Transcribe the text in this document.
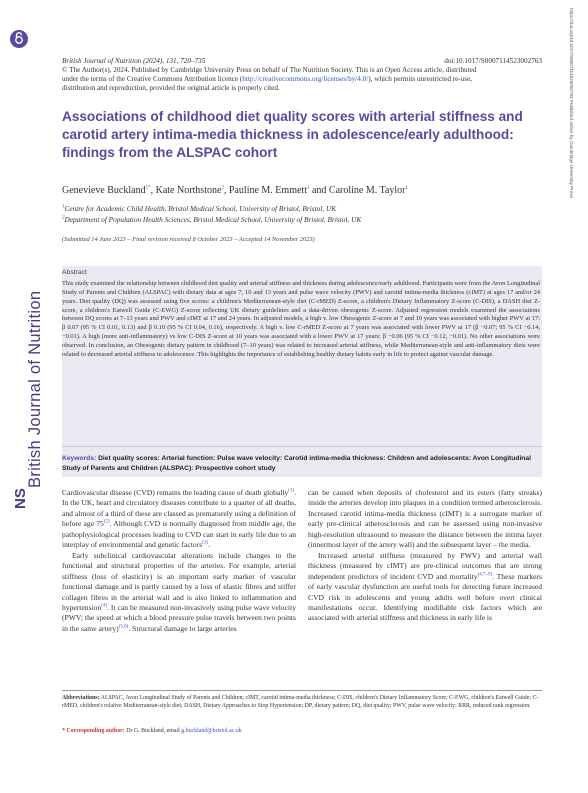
British Journal of Nutrition
NS
https://doi.org/10.1017/S0007114523002763 Published online by Cambridge University Press
British Journal of Nutrition (2024), 131, 720–735	doi:10.1017/S0007114523002763
© The Author(s), 2024. Published by Cambridge University Press on behalf of The Nutrition Society. This is an Open Access article, distributed
under the terms of the Creative Commons Attribution licence (http://creativecommons.org/licenses/by/4.0/), which permits unrestricted re-use,
distribution and reproduction, provided the original article is properly cited.
Associations of childhood diet quality scores with arterial stiffness and carotid artery intima-media thickness in adolescence/early adulthood: findings from the ALSPAC cohort
Genevieve Buckland$^{1*}$, Kate Northstone$^2$, Pauline M. Emmett$^1$ and Caroline M. Taylor$^1$
$^1$Centre for Academic Child Health, Bristol Medical School, University of Bristol, Bristol, UK
$^2$Department of Population Health Sciences, Bristol Medical School, University of Bristol, Bristol, UK
(Submitted 14 June 2023 – Final revision received 8 October 2023 – Accepted 14 November 2023)
Abstract
This study examined the relationship between childhood diet quality and arterial stiffness and thickness during adolescence/early adulthood. Participants were from the Avon Longitudinal Study of Parents and Children (ALSPAC) with dietary data at ages 7, 10 and 13 years and pulse wave velocity (PWV) and carotid intima-media thickness (cIMT) at ages 17 and/or 24 years. Diet quality (DQ) was assessed using five scores: a children's Mediterranean-style diet (C-rMED) Z-score, a children's Dietary Inflammatory Z-score (C-DIS), a DASH diet Z-score, a children's Eatwell Guide (C-EWG) Z-score reflecting UK dietary guidelines and a data-driven obesogenic Z-score. Adjusted regression models examined the associations between DQ scores at 7–13 years and PWV and cIMT at 17 and 24 years. In adjusted models, a high v. low Obesogenic Z-score at 7 and 10 years was associated with higher PWV at 17: β 0.07 (95 % CI 0.01, 0.13) and β 0.10 (95 % CI 0.04, 0.16), respectively. A high v. low C-rMED Z-score at 7 years was associated with lower PWV at 17 (β −0.07; 95 % CI −0.14, −0.01). A high (more anti-inflammatory) vs low C-DIS Z-score at 10 years was associated with a lower PWV at 17 years: β −0.06 (95 % CI −0.12, −0.01). No other associations were observed. In conclusion, an Obesogenic dietary pattern in childhood (7–10 years) was related to increased arterial stiffness, while Mediterranean-style and anti-inflammatory diets were related to decreased arterial stiffness in adolescence. This highlights the importance of establishing healthy dietary habits early in life to protect against vascular damage.
Keywords: Diet quality scores: Arterial function: Pulse wave velocity: Carotid intima-media thickness: Children and adolescents: Avon Longitudinal Study of Parents and Children (ALSPAC): Prospective cohort study

Cardiovascular disease (CVD) remains the leading cause of death globally$^{(1)}$. In the UK, heart and circulatory diseases contribute to a quarter of all deaths, and almost of a third of these are classed as prematurely using a definition of before age 75$^{(2)}$. Although CVD is normally diagnosed from middle age, the pathophysiological processes leading to CVD can start in early life due to an interplay of environmental and genetic factors$^{(3)}$.

Early subclinical cardiovascular alterations include changes to the functional and structural properties of the arteries. For example, arterial stiffness (loss of elasticity) is an important early marker of vascular functional damage and is partly caused by a loss of elastic fibres and stiffer collagen fibres in the arterial wall and is also linked to inflammation and hypertension$^{(4)}$. It can be measured non-invasively using pulse wave velocity (PWV; the speed at which a blood pressure pulse travels between two points in the same artery)$^{(5,6)}$. Structural damage to large arteries

can be caused when deposits of cholesterol and its esters (fatty streaks) inside the arteries develop into plaques in a condition termed atherosclerosis. Increased carotid intima-media thickness (cIMT) is a surrogate marker of early pre-clinical atherosclerosis and can be assessed using non-invasive high-resolution ultrasound to measure the distance between the intima layer (innermost layer of the artery wall) and the subsequent layer – the media.

Increased arterial stiffness (measured by PWV) and arterial wall thickness (measured by cIMT) are pre-clinical outcomes that are strong independent predictors of incident CVD and mortality$^{(4,7-9)}$. These markers of early vascular dysfunction are useful tools for detecting future increased CVD risk in adolescents and young adults well before overt clinical manifestations occur. Identifying modifiable risk factors which are associated with arterial stiffness and thickness in early life is

Abbreviations: ALSPAC, Avon Longitudinal Study of Parents and Children; cIMT, carotid intima-media thickness; C-DIS, children's Dietary Inflammatory Score; C-EWG, children's Eatwell Guide; C-rMED, children's relative Mediterranean-style diet; DASH, Dietary Approaches to Stop Hypertension; DP, dietary pattern; DQ, diet quality; PWV, pulse wave velocity; RRR, reduced rank regression.
* Corresponding author: Dr G. Buckland, email g.buckland@bristol.ac.uk
